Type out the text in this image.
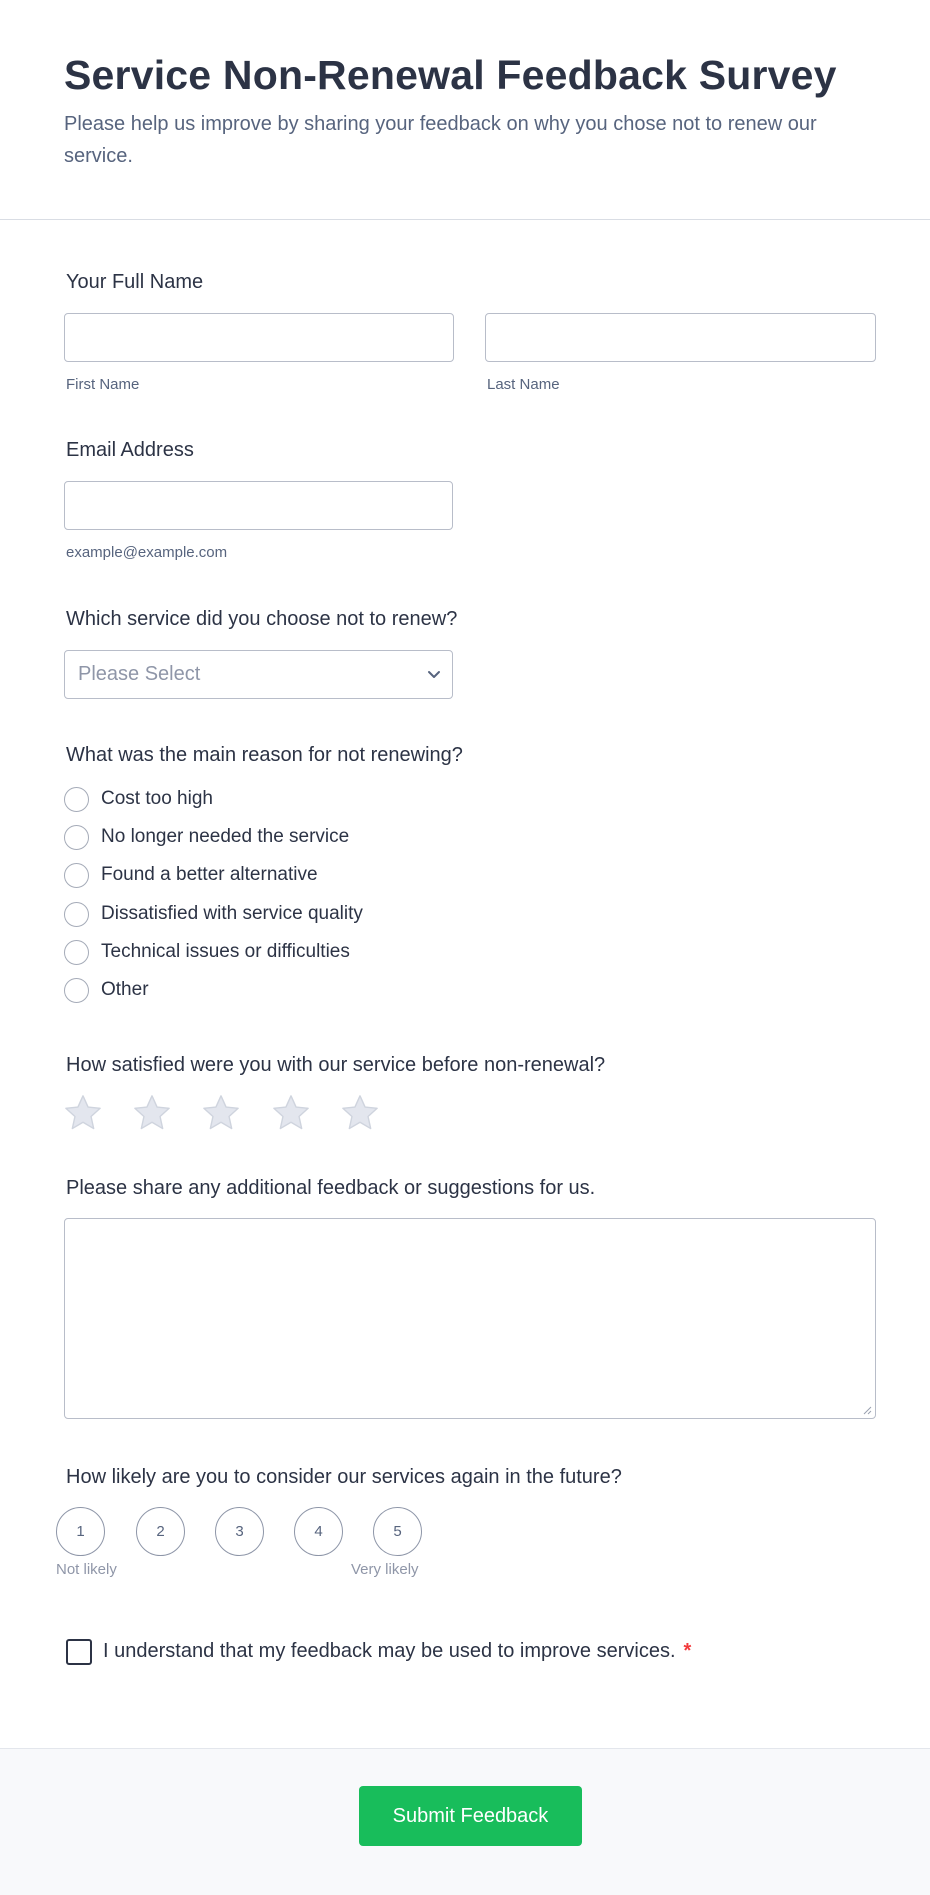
Service Non-Renewal Feedback Survey
Please help us improve by sharing your feedback on why you chose not to renew our service.
Your Full Name
First Name	Last Name
Email Address
example@example.com
Which service did you choose not to renew?
Please Select
What was the main reason for not renewing?
Cost too high
No longer needed the service
Found a better alternative
Dissatisfied with service quality
Technical issues or difficulties
Other
How satisfied were you with our service before non-renewal?
Please share any additional feedback or suggestions for us.
How likely are you to consider our services again in the future?
1	2	3	4	5
Not likely	Very likely
I understand that my feedback may be used to improve services. *
Submit Feedback
